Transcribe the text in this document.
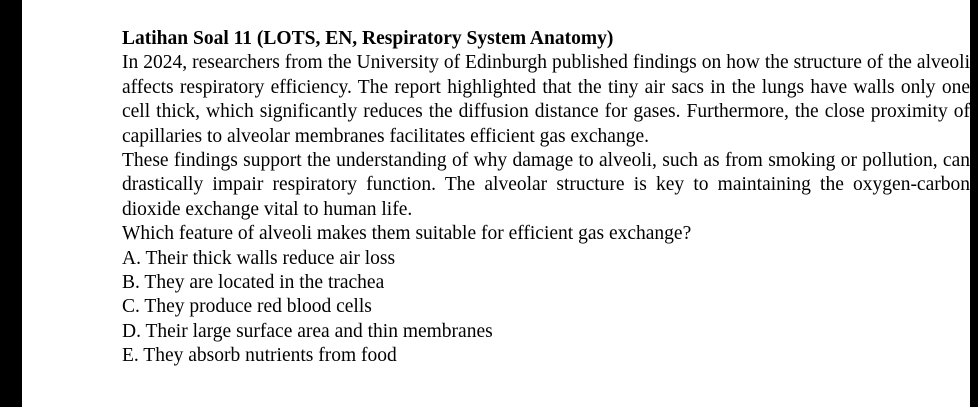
Latihan Soal 11 (LOTS, EN, Respiratory System Anatomy)

In 2024, researchers from the University of Edinburgh published findings on how the structure of the alveoli affects respiratory efficiency. The report highlighted that the tiny air sacs in the lungs have walls only one cell thick, which significantly reduces the diffusion distance for gases. Furthermore, the close proximity of capillaries to alveolar membranes facilitates efficient gas exchange.

These findings support the understanding of why damage to alveoli, such as from smoking or pollution, can drastically impair respiratory function. The alveolar structure is key to maintaining the oxygen-carbon dioxide exchange vital to human life.

Which feature of alveoli makes them suitable for efficient gas exchange?

A. Their thick walls reduce air loss
B. They are located in the trachea
C. They produce red blood cells
D. Their large surface area and thin membranes
E. They absorb nutrients from food
